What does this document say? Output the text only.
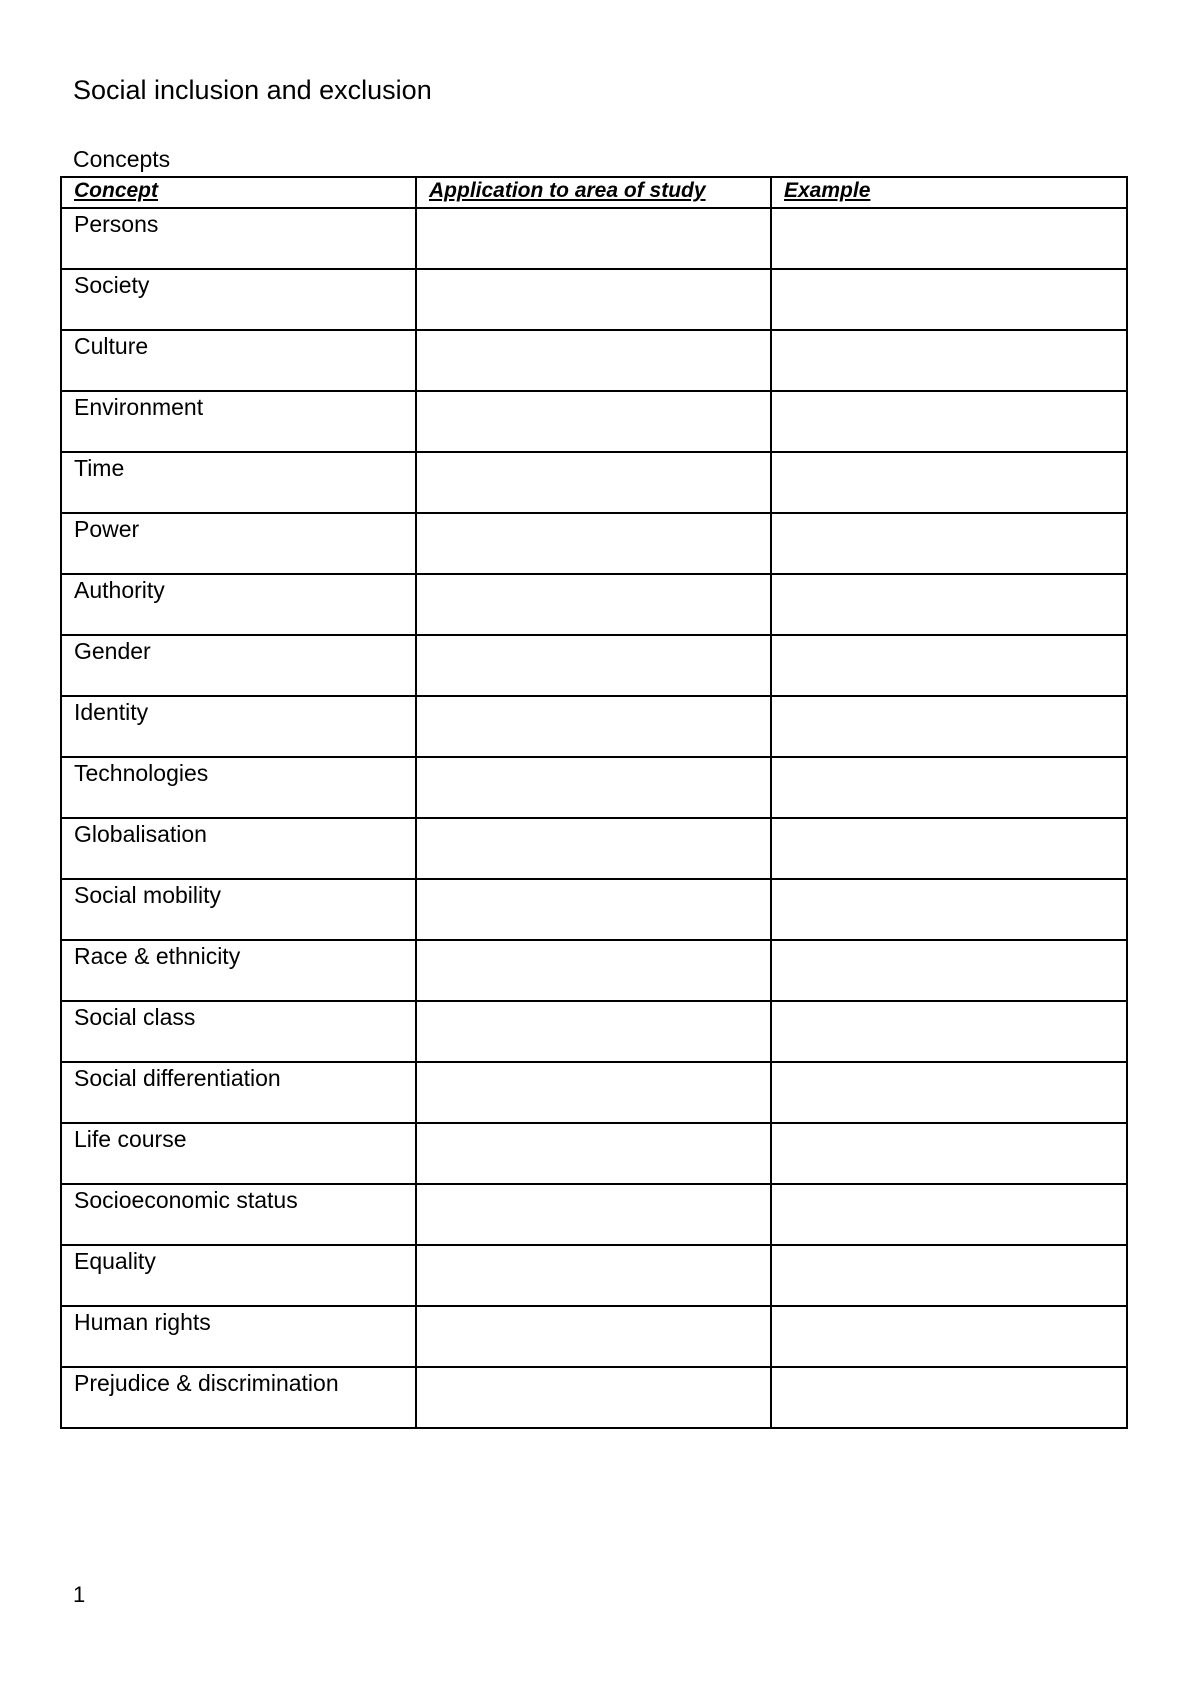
Social inclusion and exclusion
Concepts
Concept	Application to area of study	Example
Persons		
Society		
Culture		
Environment		
Time		
Power		
Authority		
Gender		
Identity		
Technologies		
Globalisation		
Social mobility		
Race & ethnicity		
Social class		
Social differentiation		
Life course		
Socioeconomic status		
Equality		
Human rights		
Prejudice & discrimination		
1
